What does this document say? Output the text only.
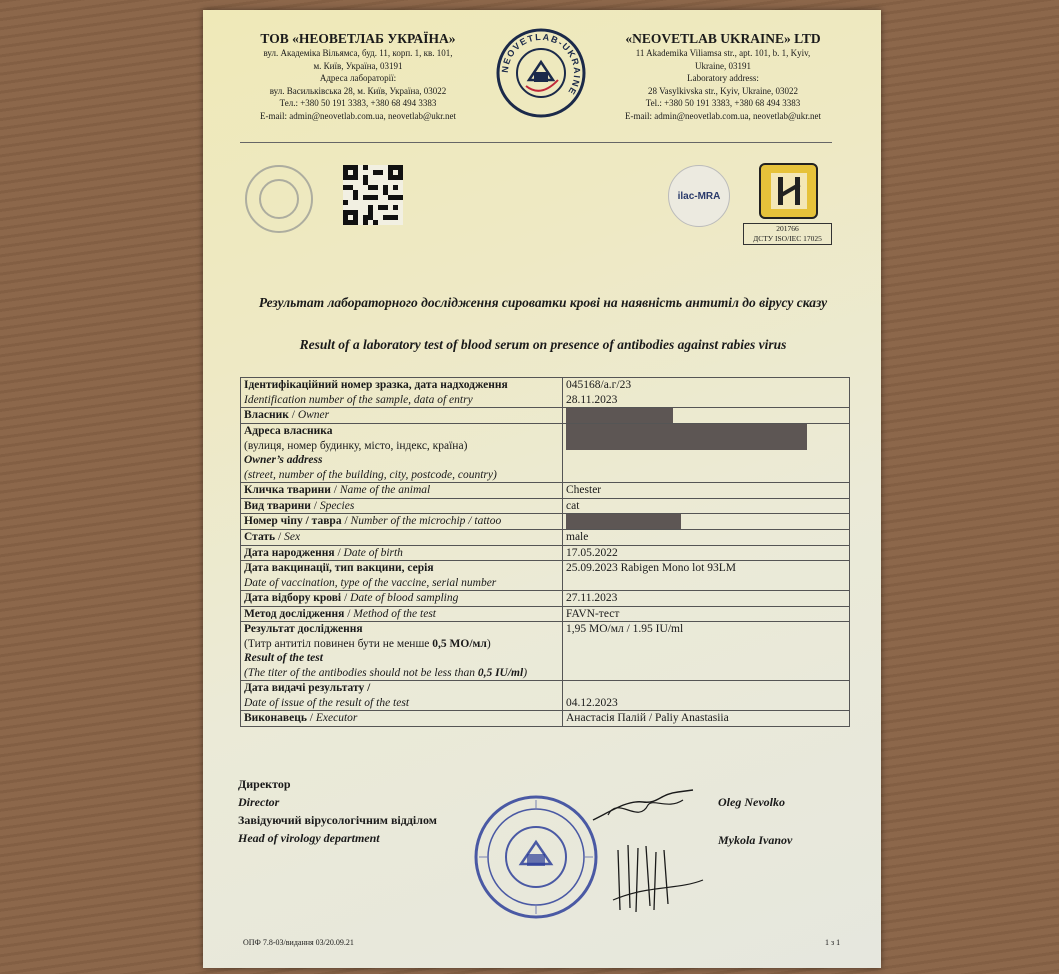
ТОВ «НЕОВЕТЛАБ УКРАЇНА»
вул. Академіка Вільямса, буд. 11, корп. 1, кв. 101,
м. Київ, Україна, 03191
Адреса лабораторії:
вул. Васильківська 28, м. Київ, Україна, 03022
Тел.: +380 50 191 3383, +380 68 494 3383
E-mail: admin@neovetlab.com.ua, neovetlab@ukr.net
NEOVETLAB-UKRAINE
«NEOVETLAB UKRAINE» LTD
11 Akademika Viliamsa str., apt. 101, b. 1, Kyiv,
Ukraine, 03191
Laboratory address:
28 Vasylkivska str., Kyiv, Ukraine, 03022
Tel.: +380 50 191 3383, +380 68 494 3383
E-mail: admin@neovetlab.com.ua, neovetlab@ukr.net
ilac-MRA
201766
ДСТУ ISO/IEC 17025
Результат лабораторного дослідження сироватки крові на наявність антитіл до вірусу сказу
Result of a laboratory test of blood serum on presence of antibodies against rabies virus
Ідентифікаційний номер зразка, дата надходження
Identification number of the sample, data of entry	045168/а.г/23
28.11.2023
Власник / Owner	
Адреса власника
(вулиця, номер будинку, місто, індекс, країна)
Owner’s address
(street, number of the building, city, postcode, country)	
Кличка тварини / Name of the animal	Chester
Вид тварини / Species	cat
Номер чіпу / тавра / Number of the microchip / tattoo	
Стать / Sex	male
Дата народження / Date of birth	17.05.2022
Дата вакцинації, тип вакцини, серія
Date of vaccination, type of the vaccine, serial number	25.09.2023 Rabigen Mono lot 93LM
Дата відбору крові / Date of blood sampling	27.11.2023
Метод дослідження / Method of the test	FAVN-тест
Результат дослідження
(Титр антитіл повинен бути не менше 0,5 МО/мл)
Result of the test
(The titer of the antibodies should not be less than 0,5 IU/ml)	1,95 МО/мл / 1.95 IU/ml
Дата видачі результату /
Date of issue of the result of the test	04.12.2023
Виконавець / Executor	Анастасія Палій / Paliy Anastasiia
Директор
Director
Завідуючий вірусологічним відділом
Head of virology department
Oleg Nevolko
Mykola Ivanov
ОПФ 7.8-03/видання 03/20.09.21	1 з 1
